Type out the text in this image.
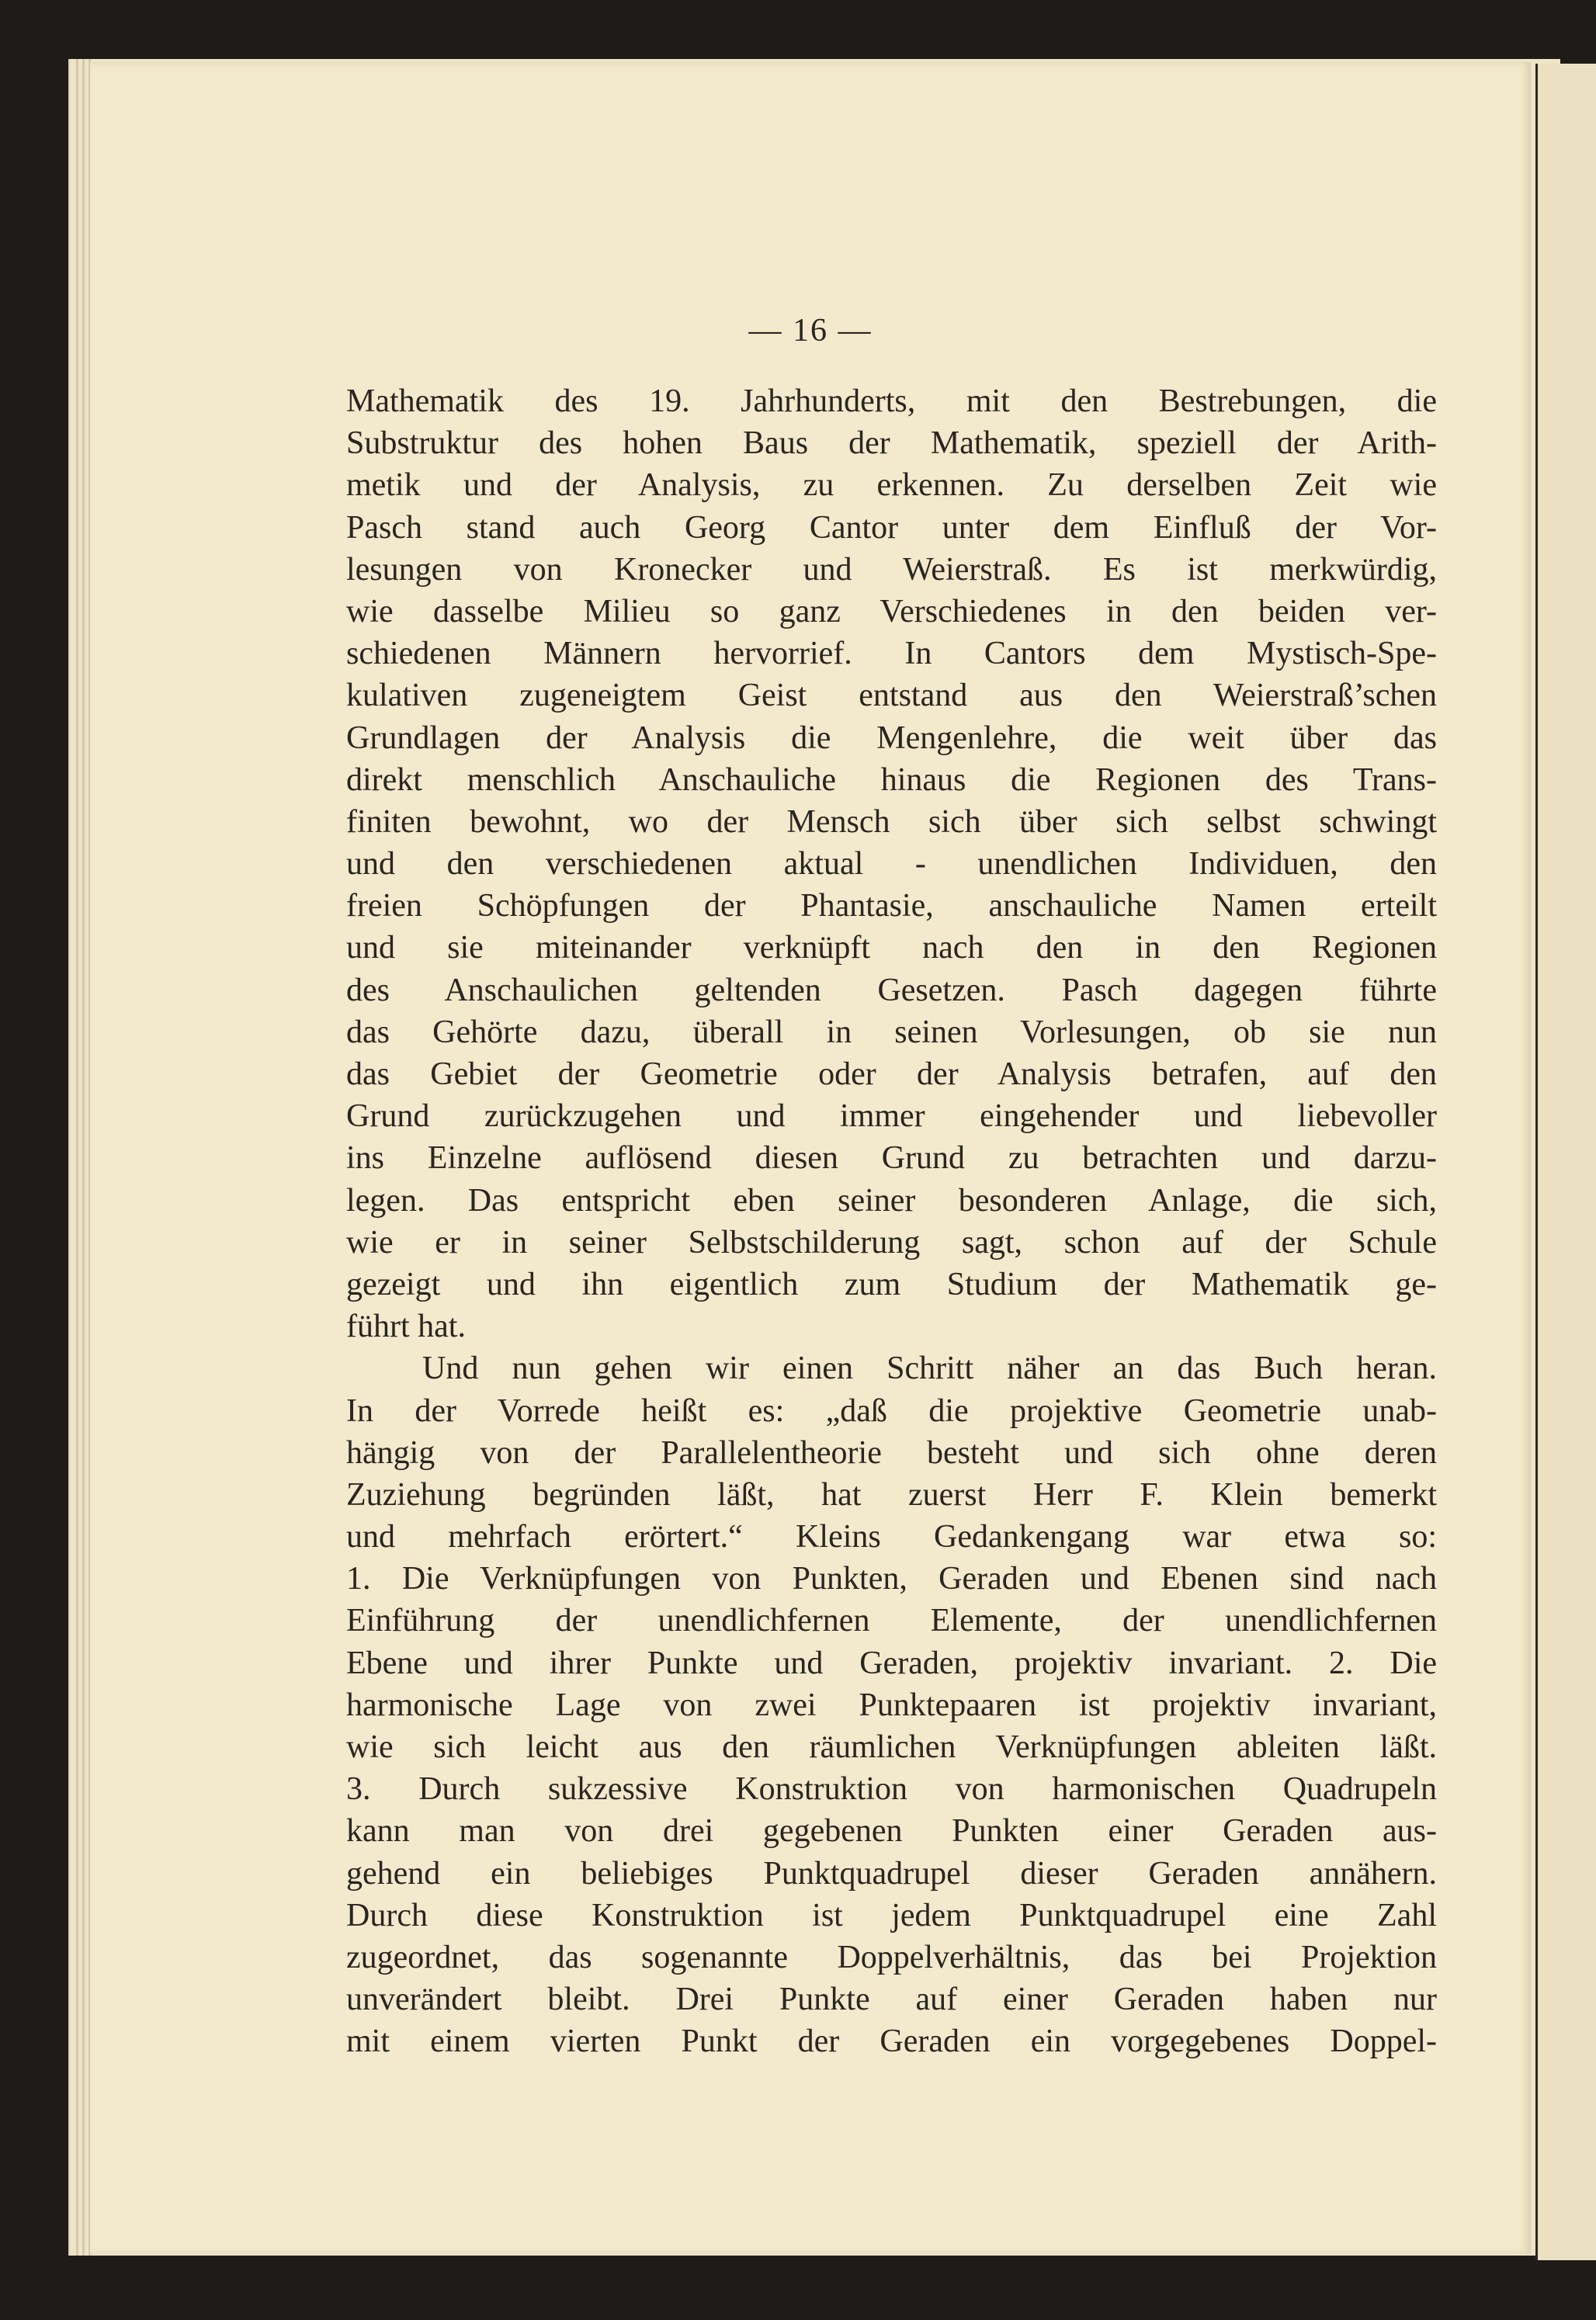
— 16 —
Mathematik des 19. Jahrhunderts, mit den Bestrebungen, die
Substruktur des hohen Baus der Mathematik, speziell der Arith-
metik und der Analysis, zu erkennen. Zu derselben Zeit wie
Pasch stand auch Georg Cantor unter dem Einfluß der Vor-
lesungen von Kronecker und Weierstraß. Es ist merkwürdig,
wie dasselbe Milieu so ganz Verschiedenes in den beiden ver-
schiedenen Männern hervorrief. In Cantors dem Mystisch-Spe-
kulativen zugeneigtem Geist entstand aus den Weierstraß’schen
Grundlagen der Analysis die Mengenlehre, die weit über das
direkt menschlich Anschauliche hinaus die Regionen des Trans-
finiten bewohnt, wo der Mensch sich über sich selbst schwingt
und den verschiedenen aktual - unendlichen Individuen, den
freien Schöpfungen der Phantasie, anschauliche Namen erteilt
und sie miteinander verknüpft nach den in den Regionen
des Anschaulichen geltenden Gesetzen. Pasch dagegen führte
das Gehörte dazu, überall in seinen Vorlesungen, ob sie nun
das Gebiet der Geometrie oder der Analysis betrafen, auf den
Grund zurückzugehen und immer eingehender und liebevoller
ins Einzelne auflösend diesen Grund zu betrachten und darzu-
legen. Das entspricht eben seiner besonderen Anlage, die sich,
wie er in seiner Selbstschilderung sagt, schon auf der Schule
gezeigt und ihn eigentlich zum Studium der Mathematik ge-
führt hat.
Und nun gehen wir einen Schritt näher an das Buch heran.
In der Vorrede heißt es: „daß die projektive Geometrie unab-
hängig von der Parallelentheorie besteht und sich ohne deren
Zuziehung begründen läßt, hat zuerst Herr F. Klein bemerkt
und mehrfach erörtert.“ Kleins Gedankengang war etwa so:
1. Die Verknüpfungen von Punkten, Geraden und Ebenen sind nach
Einführung der unendlichfernen Elemente, der unendlichfernen
Ebene und ihrer Punkte und Geraden, projektiv invariant. 2. Die
harmonische Lage von zwei Punktepaaren ist projektiv invariant,
wie sich leicht aus den räumlichen Verknüpfungen ableiten läßt.
3. Durch sukzessive Konstruktion von harmonischen Quadrupeln
kann man von drei gegebenen Punkten einer Geraden aus-
gehend ein beliebiges Punktquadrupel dieser Geraden annähern.
Durch diese Konstruktion ist jedem Punktquadrupel eine Zahl
zugeordnet, das sogenannte Doppelverhältnis, das bei Projektion
unverändert bleibt. Drei Punkte auf einer Geraden haben nur
mit einem vierten Punkt der Geraden ein vorgegebenes Doppel-
